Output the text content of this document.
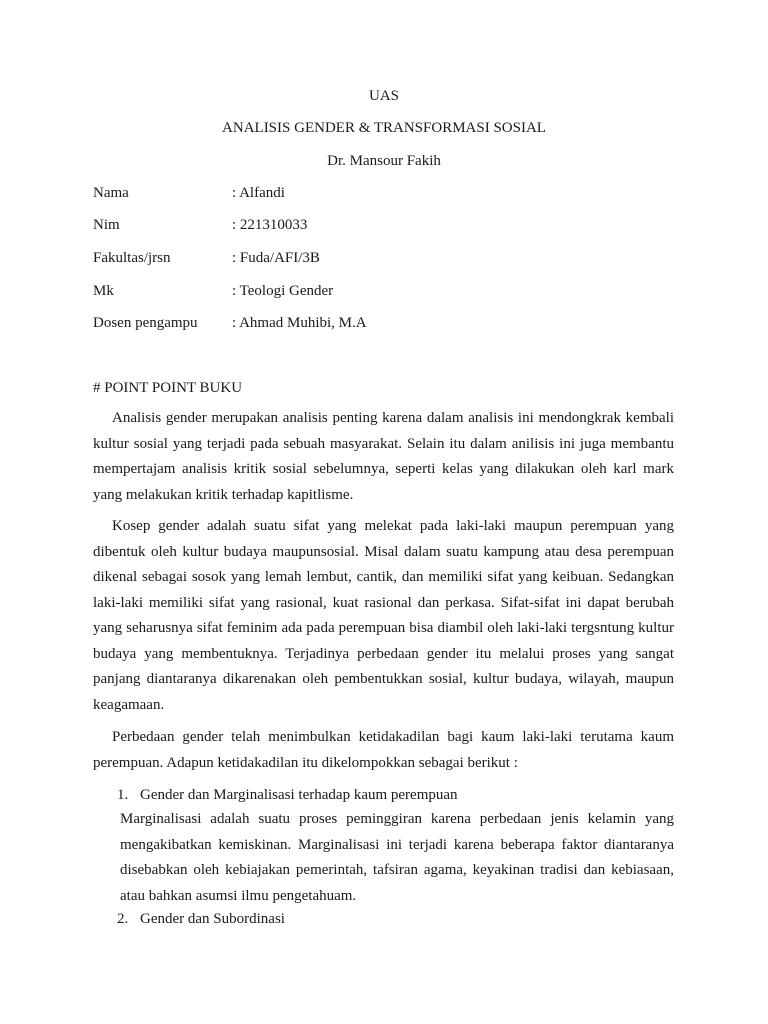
UAS
ANALISIS GENDER & TRANSFORMASI SOSIAL
Dr. Mansour Fakih
Nama	: Alfandi
Nim	: 221310033
Fakultas/jrsn	: Fuda/AFI/3B
Mk	: Teologi Gender
Dosen pengampu : Ahmad Muhibi, M.A
# POINT POINT BUKU

Analisis gender merupakan analisis penting karena dalam analisis ini mendongkrak kembali kultur sosial yang terjadi pada sebuah masyarakat. Selain itu dalam anilisis ini juga membantu mempertajam analisis kritik sosial sebelumnya, seperti kelas yang dilakukan oleh karl mark yang melakukan kritik terhadap kapitlisme.

Kosep gender adalah suatu sifat yang melekat pada laki-laki maupun perempuan yang dibentuk oleh kultur budaya maupunsosial. Misal dalam suatu kampung atau desa perempuan dikenal sebagai sosok yang lemah lembut, cantik, dan memiliki sifat yang keibuan. Sedangkan laki-laki memiliki sifat yang rasional, kuat rasional dan perkasa. Sifat-sifat ini dapat berubah yang seharusnya sifat feminim ada pada perempuan bisa diambil oleh laki-laki tergsntung kultur budaya yang membentuknya. Terjadinya perbedaan gender itu melalui proses yang sangat panjang diantaranya dikarenakan oleh pembentukkan sosial, kultur budaya, wilayah, maupun keagamaan.

Perbedaan gender telah menimbulkan ketidakadilan bagi kaum laki-laki terutama kaum perempuan. Adapun ketidakadilan itu dikelompokkan sebagai berikut :

1. Gender dan Marginalisasi terhadap kaum perempuan

Marginalisasi adalah suatu proses peminggiran karena perbedaan jenis kelamin yang mengakibatkan kemiskinan. Marginalisasi ini terjadi karena beberapa faktor diantaranya disebabkan oleh kebiajakan pemerintah, tafsiran agama, keyakinan tradisi dan kebiasaan, atau bahkan asumsi ilmu pengetahuam.

2. Gender dan Subordinasi
